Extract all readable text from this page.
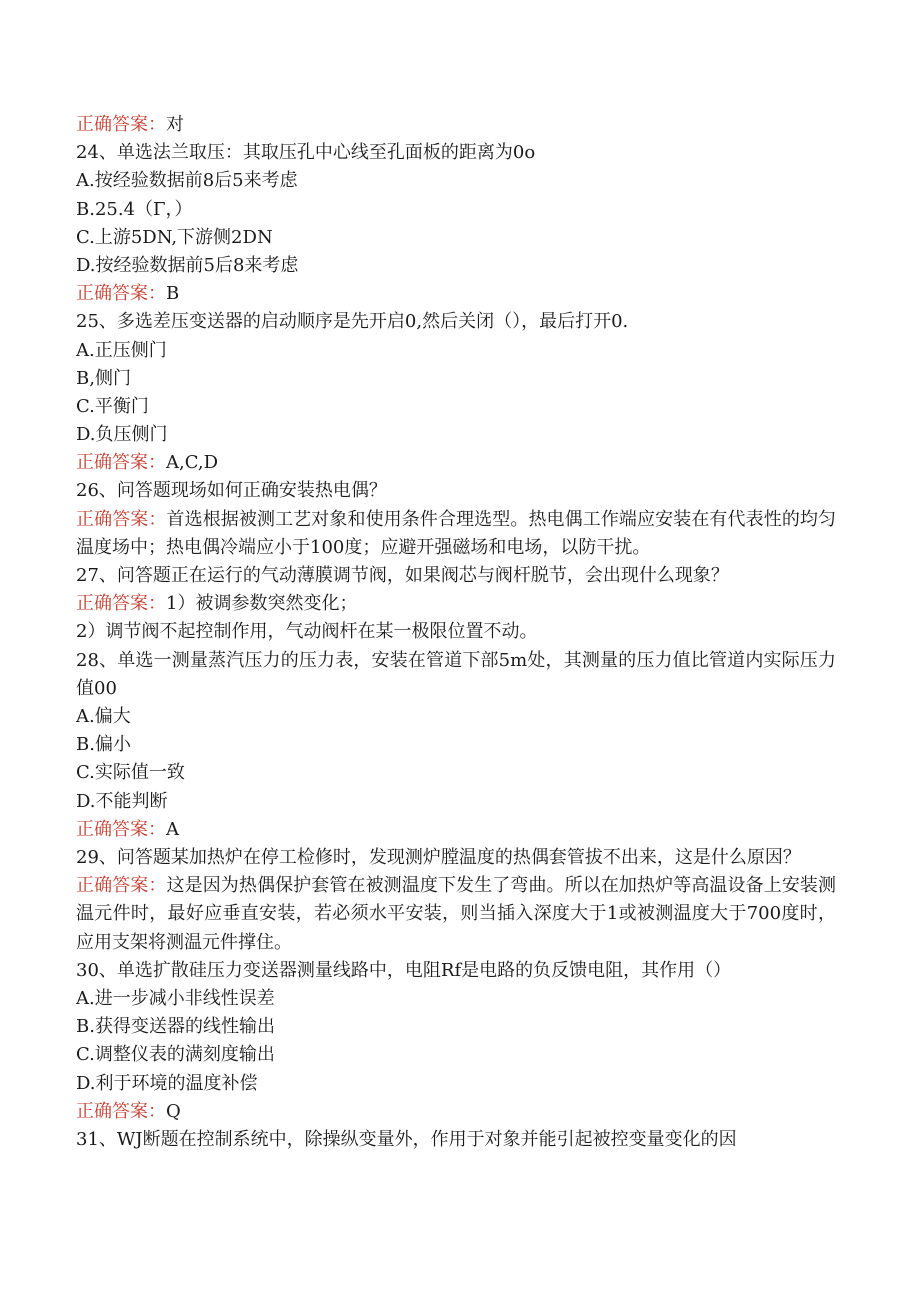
正确答案：对
24、单选法兰取压：其取压孔中心线至孔面板的距离为0o
A.按经验数据前8后5来考虑
B.25.4（Γ，）
C.上游5DN,下游侧2DN
D.按经验数据前5后8来考虑
正确答案：B
25、多选差压变送器的启动顺序是先开启0,然后关闭（），最后打开0.
A.正压侧门
B,侧门
C.平衡门
D.负压侧门
正确答案：A,C,D
26、问答题现场如何正确安装热电偶？
正确答案：首选根据被测工艺对象和使用条件合理选型。热电偶工作端应安装在有代表性的均匀温度场中；热电偶冷端应小于100度；应避开强磁场和电场，以防干扰。
27、问答题正在运行的气动薄膜调节阀，如果阀芯与阀杆脱节，会出现什么现象？
正确答案：1）被调参数突然变化；
2）调节阀不起控制作用，气动阀杆在某一极限位置不动。
28、单选一测量蒸汽压力的压力表，安装在管道下部5m处，其测量的压力值比管道内实际压力值00
A.偏大
B.偏小
C.实际值一致
D.不能判断
正确答案：A
29、问答题某加热炉在停工检修时，发现测炉膛温度的热偶套管拔不出来，这是什么原因？
正确答案：这是因为热偶保护套管在被测温度下发生了弯曲。所以在加热炉等高温设备上安装测温元件时，最好应垂直安装，若必须水平安装，则当插入深度大于1或被测温度大于700度时，应用支架将测温元件撑住。
30、单选扩散硅压力变送器测量线路中，电阻Rf是电路的负反馈电阻，其作用（）
A.进一步减小非线性误差
B.获得变送器的线性输出
C.调整仪表的满刻度输出
D.利于环境的温度补偿
正确答案：Q
31、WJ断题在控制系统中，除操纵变量外，作用于对象并能引起被控变量变化的因
